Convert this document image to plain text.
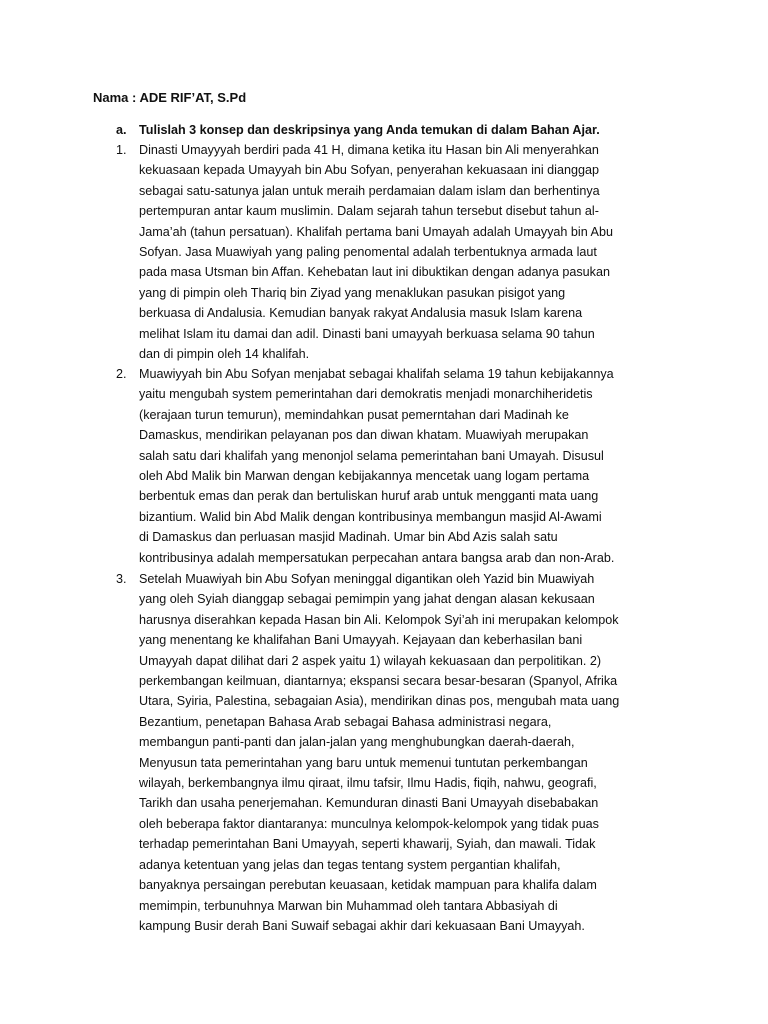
Nama : ADE RIF’AT, S.Pd
a. Tulislah 3 konsep dan deskripsinya yang Anda temukan di dalam Bahan Ajar.
1. Dinasti Umayyyah berdiri pada 41 H, dimana ketika itu Hasan bin Ali menyerahkan
kekuasaan kepada Umayyah bin Abu Sofyan, penyerahan kekuasaan ini dianggap
sebagai satu-satunya jalan untuk meraih perdamaian dalam islam dan berhentinya
pertempuran antar kaum muslimin. Dalam sejarah tahun tersebut disebut tahun al-
Jama’ah (tahun persatuan). Khalifah pertama bani Umayah adalah Umayyah bin Abu
Sofyan. Jasa Muawiyah yang paling penomental adalah terbentuknya armada laut
pada masa Utsman bin Affan. Kehebatan laut ini dibuktikan dengan adanya pasukan
yang di pimpin oleh Thariq bin Ziyad yang menaklukan pasukan pisigot yang
berkuasa di Andalusia. Kemudian banyak rakyat Andalusia masuk Islam karena
melihat Islam itu damai dan adil. Dinasti bani umayyah berkuasa selama 90 tahun
dan di pimpin oleh 14 khalifah.
2. Muawiyyah bin Abu Sofyan menjabat sebagai khalifah selama 19 tahun kebijakannya
yaitu mengubah system pemerintahan dari demokratis menjadi monarchiheridetis
(kerajaan turun temurun), memindahkan pusat pemerntahan dari Madinah ke
Damaskus, mendirikan pelayanan pos dan diwan khatam. Muawiyah merupakan
salah satu dari khalifah yang menonjol selama pemerintahan bani Umayah. Disusul
oleh Abd Malik bin Marwan dengan kebijakannya mencetak uang logam pertama
berbentuk emas dan perak dan bertuliskan huruf arab untuk mengganti mata uang
bizantium. Walid bin Abd Malik dengan kontribusinya membangun masjid Al-Awami
di Damaskus dan perluasan masjid Madinah. Umar bin Abd Azis salah satu
kontribusinya adalah mempersatukan perpecahan antara bangsa arab dan non-Arab.
3. Setelah Muawiyah bin Abu Sofyan meninggal digantikan oleh Yazid bin Muawiyah
yang oleh Syiah dianggap sebagai pemimpin yang jahat dengan alasan kekusaan
harusnya diserahkan kepada Hasan bin Ali. Kelompok Syi’ah ini merupakan kelompok
yang menentang ke khalifahan Bani Umayyah. Kejayaan dan keberhasilan bani
Umayyah dapat dilihat dari 2 aspek yaitu 1) wilayah kekuasaan dan perpolitikan. 2)
perkembangan keilmuan, diantarnya; ekspansi secara besar-besaran (Spanyol, Afrika
Utara, Syiria, Palestina, sebagaian Asia), mendirikan dinas pos, mengubah mata uang
Bezantium, penetapan Bahasa Arab sebagai Bahasa administrasi negara,
membangun panti-panti dan jalan-jalan yang menghubungkan daerah-daerah,
Menyusun tata pemerintahan yang baru untuk memenui tuntutan perkembangan
wilayah, berkembangnya ilmu qiraat, ilmu tafsir, Ilmu Hadis, fiqih, nahwu, geografi,
Tarikh dan usaha penerjemahan. Kemunduran dinasti Bani Umayyah disebabakan
oleh beberapa faktor diantaranya: munculnya kelompok-kelompok yang tidak puas
terhadap pemerintahan Bani Umayyah, seperti khawarij, Syiah, dan mawali. Tidak
adanya ketentuan yang jelas dan tegas tentang system pergantian khalifah,
banyaknya persaingan perebutan keuasaan, ketidak mampuan para khalifa dalam
memimpin, terbunuhnya Marwan bin Muhammad oleh tantara Abbasiyah di
kampung Busir derah Bani Suwaif sebagai akhir dari kekuasaan Bani Umayyah.
